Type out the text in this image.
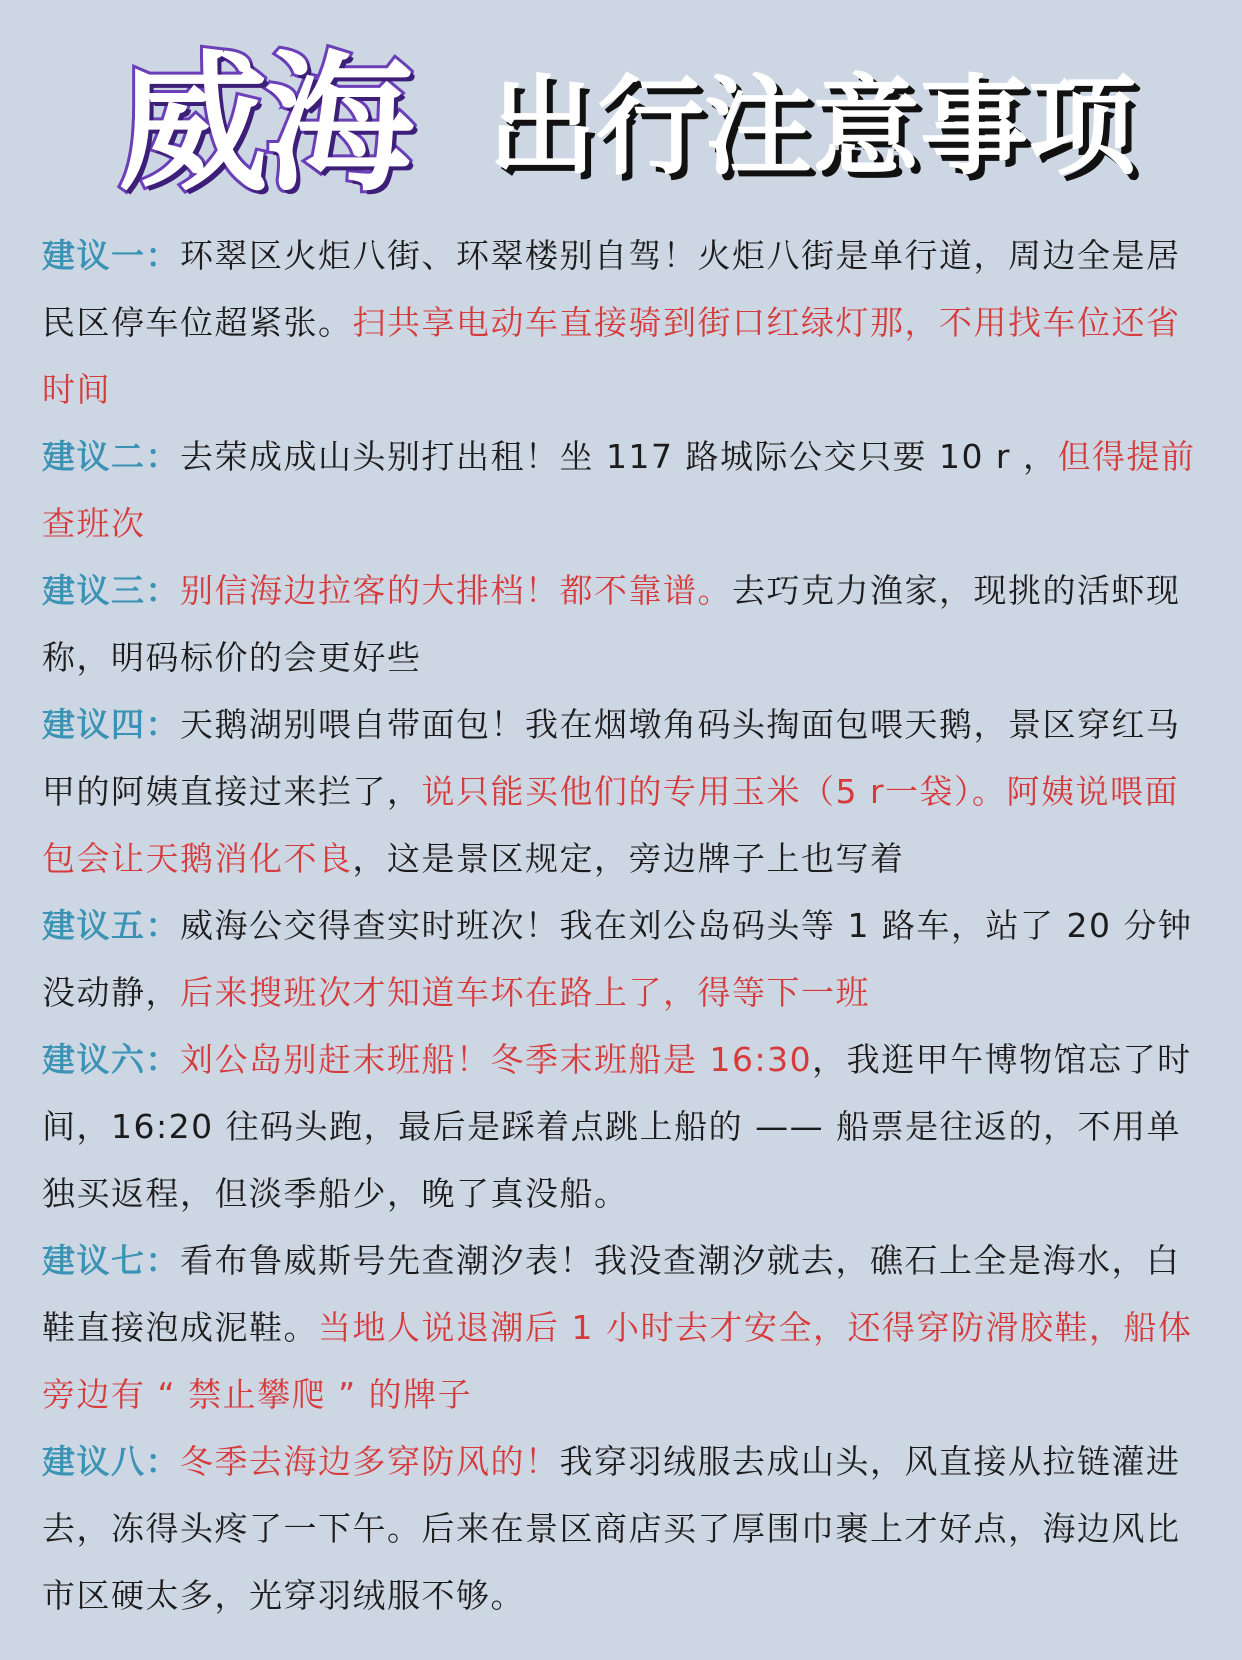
威海 出行注意事项

建议一：环翠区火炬八街、环翠楼别自驾！火炬八街是单行道，周边全是居民区停车位超紧张。扫共享电动车直接骑到街口红绿灯那，不用找车位还省时间

建议二：去荣成成山头别打出租！坐 117 路城际公交只要 10 r ，但得提前查班次

建议三：别信海边拉客的大排档！都不靠谱。去巧克力渔家，现挑的活虾现称，明码标价的会更好些

建议四：天鹅湖别喂自带面包！我在烟墩角码头掏面包喂天鹅，景区穿红马甲的阿姨直接过来拦了，说只能买他们的专用玉米（5 r一袋）。阿姨说喂面包会让天鹅消化不良，这是景区规定，旁边牌子上也写着

建议五：威海公交得查实时班次！我在刘公岛码头等 1 路车，站了 20 分钟没动静，后来搜班次才知道车坏在路上了，得等下一班

建议六：刘公岛别赶末班船！冬季末班船是 16:30，我逛甲午博物馆忘了时间，16:20 往码头跑，最后是踩着点跳上船的 —— 船票是往返的，不用单独买返程，但淡季船少，晚了真没船。

建议七：看布鲁威斯号先查潮汐表！我没查潮汐就去，礁石上全是海水，白鞋直接泡成泥鞋。当地人说退潮后 1 小时去才安全，还得穿防滑胶鞋，船体旁边有 “ 禁止攀爬 ” 的牌子

建议八：冬季去海边多穿防风的！我穿羽绒服去成山头，风直接从拉链灌进去，冻得头疼了一下午。后来在景区商店买了厚围巾裹上才好点，海边风比市区硬太多，光穿羽绒服不够。
